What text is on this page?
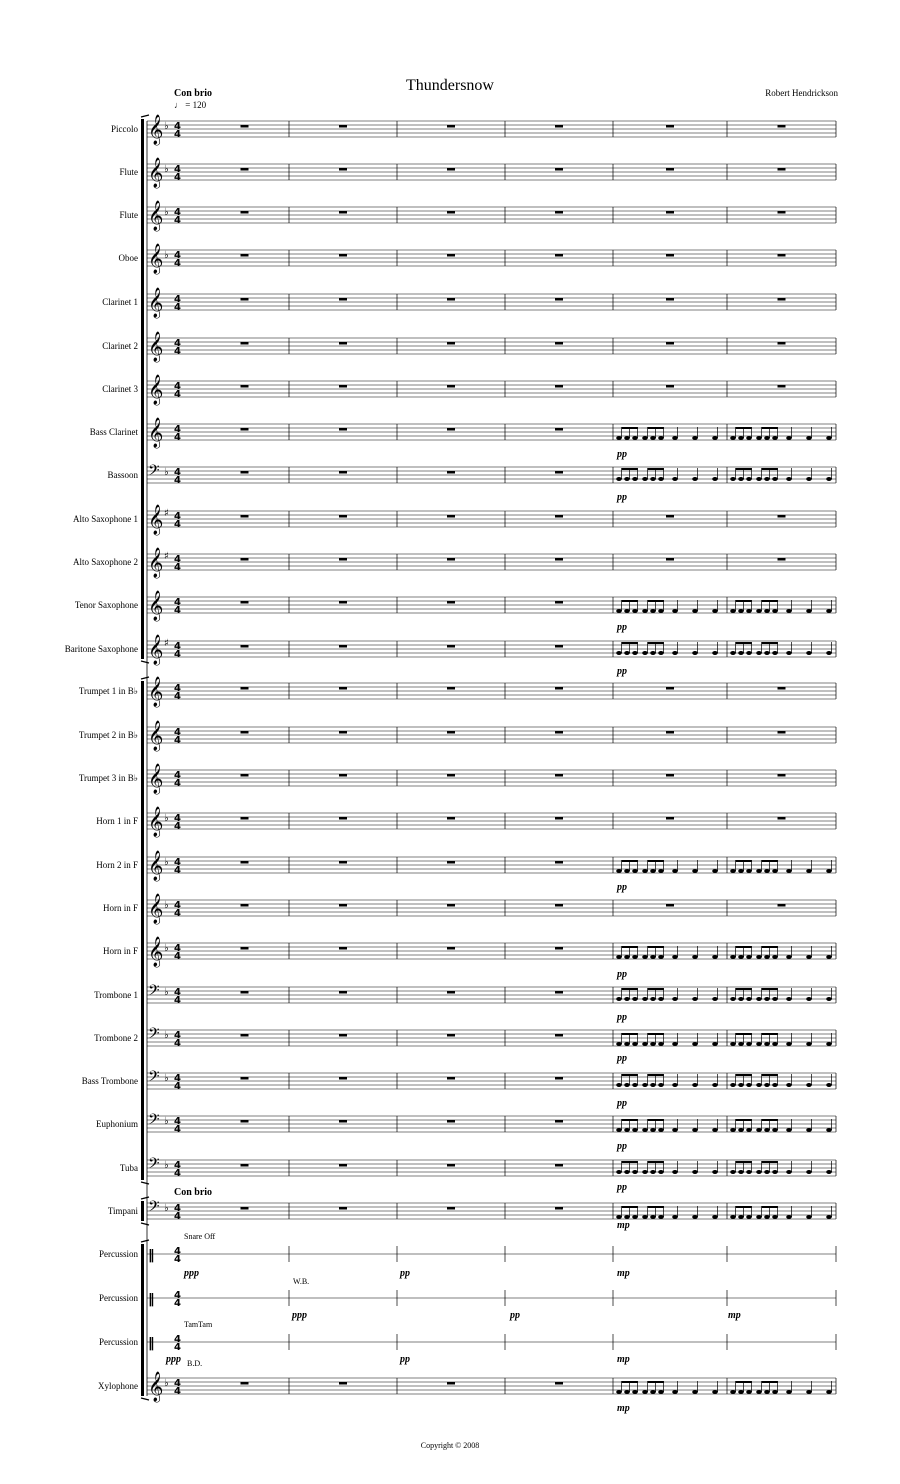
Thundersnow	Robert Hendrickson
Con brio
♩ = 120
Con brio
Piccolo
Flute
Flute
Oboe
Clarinet 1
Clarinet 2
Clarinet 3
Bass Clarinet
Bassoon
Alto Saxophone 1
Alto Saxophone 2
Tenor Saxophone
Baritone Saxophone
Trumpet 1 in B♭
Trumpet 2 in B♭
Trumpet 3 in B♭
Horn 1 in F
Horn 2 in F
Horn in F
Horn in F
Trombone 1
Trombone 2
Bass Trombone
Euphonium
Tuba
Timpani
Percussion
Percussion
Percussion
Xylophone
Snare Off
W.B.
TamTam
B.D.
ppp	pp	mp
ppp	pp	mp
ppp	pp	mp
mp
mp
pp
pp
pp
pp
pp
pp
pp
pp
pp
pp
pp
𝄞 ♭ 4
4
𝄞 ♭ 4
4
𝄞 ♭ 4
4
𝄞 ♭ 4
4
𝄞 4
4
𝄞 4
4
𝄞 4
4
𝄞 4
4
𝄢 ♭ 4
4
𝄞 ♯ 4
4
𝄞 ♯ 4
4
𝄞 4
4
𝄞 ♯ 4
4
𝄞 4
4
𝄞 4
4
𝄞 4
4
𝄞 ♭ 4
4
𝄞 ♭ 4
4
𝄞 ♭ 4
4
𝄞 ♭ 4
4
𝄢 ♭ 4
4
𝄢 ♭ 4
4
𝄢 ♭ 4
4
𝄢 ♭ 4
4
𝄢 ♭ 4
4
𝄢 ♭ 4
4
‖ 4
4
‖ 4
4
‖ 4
4
𝄞 ♭ 4
4
Copyright © 2008
